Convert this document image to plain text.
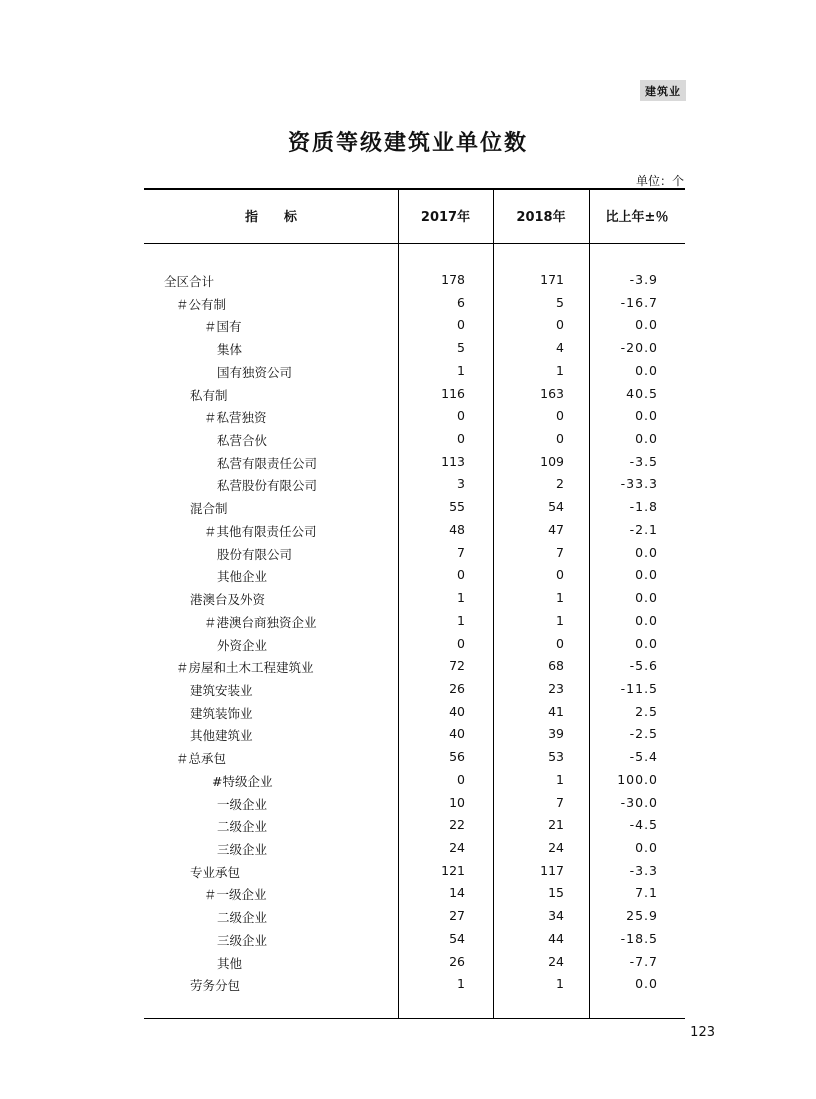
建筑业
资质等级建筑业单位数
单位：个
指　　标	2017年	2018年	比上年±％
全区合计	178	171	-3.9
＃公有制	6	5	-16.7
＃国有	0	0	0.0
集体	5	4	-20.0
国有独资公司	1	1	0.0
私有制	116	163	40.5
＃私营独资	0	0	0.0
私营合伙	0	0	0.0
私营有限责任公司	113	109	-3.5
私营股份有限公司	3	2	-33.3
混合制	55	54	-1.8
＃其他有限责任公司	48	47	-2.1
股份有限公司	7	7	0.0
其他企业	0	0	0.0
港澳台及外资	1	1	0.0
＃港澳台商独资企业	1	1	0.0
外资企业	0	0	0.0
＃房屋和土木工程建筑业	72	68	-5.6
建筑安装业	26	23	-11.5
建筑装饰业	40	41	2.5
其他建筑业	40	39	-2.5
＃总承包	56	53	-5.4
#特级企业	0	1	100.0
一级企业	10	7	-30.0
二级企业	22	21	-4.5
三级企业	24	24	0.0
专业承包	121	117	-3.3
＃一级企业	14	15	7.1
二级企业	27	34	25.9
三级企业	54	44	-18.5
其他	26	24	-7.7
劳务分包	1	1	0.0
123
